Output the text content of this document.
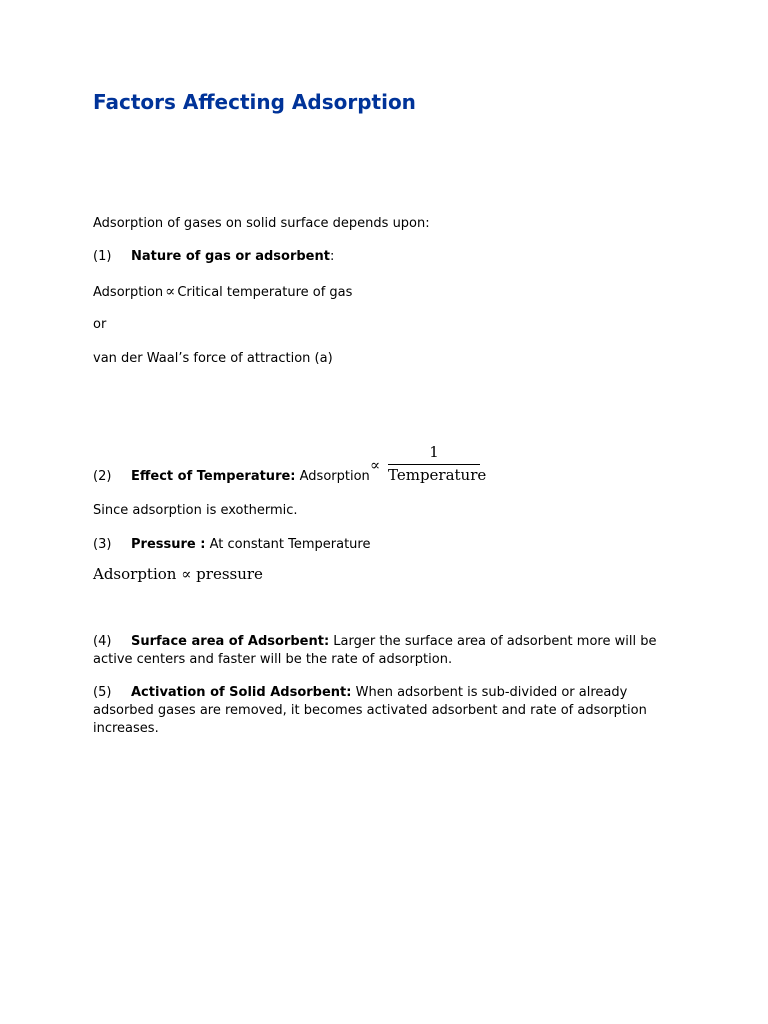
Factors Affecting Adsorption
Adsorption of gases on solid surface depends upon:
(1) Nature of gas or adsorbent:
Adsorption ∝ Critical temperature of gas
or
van der Waal’s force of attraction (a)
(2) Effect of Temperature: Adsorption
∝
1
Temperature
Since adsorption is exothermic.
(3) Pressure : At constant Temperature
Adsorption ∝ pressure
(4) Surface area of Adsorbent: Larger the surface area of adsorbent more will be
active centers and faster will be the rate of adsorption.
(5) Activation of Solid Adsorbent: When adsorbent is sub-divided or already
adsorbed gases are removed, it becomes activated adsorbent and rate of adsorption
increases.
